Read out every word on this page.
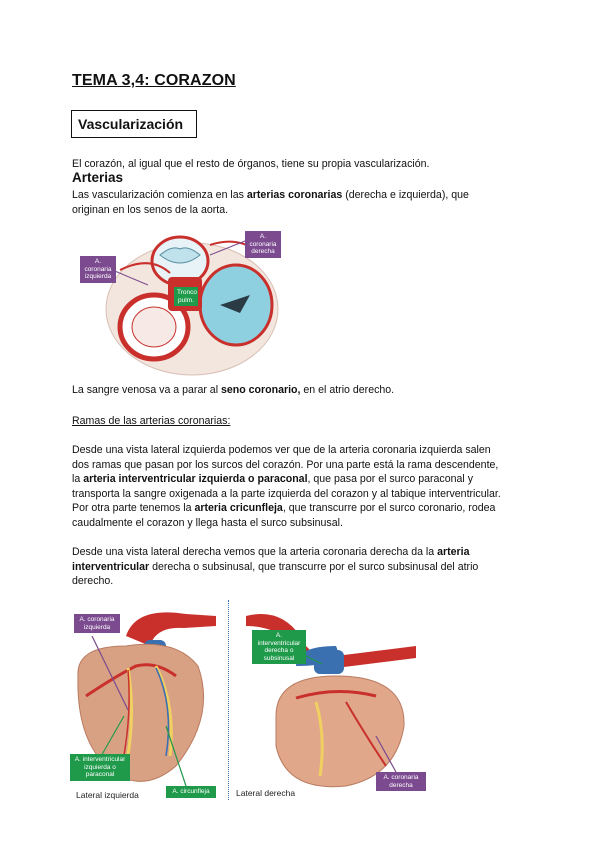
TEMA 3,4: CORAZON
Vascularización
El corazón, al igual que el resto de órganos, tiene su propia vascularización.
Arterias
Las vascularización comienza en las arterias coronarias (derecha e izquierda), que
originan en los senos de la aorta.
A. coronaria izquierda
A. coronaria derecha
Tronco pulm.
La sangre venosa va a parar al seno coronario, en el atrio derecho.
Ramas de las arterias coronarias:
Desde una vista lateral izquierda podemos ver que de la arteria coronaria izquierda salen
dos ramas que pasan por los surcos del corazón. Por una parte está la rama descendente,
la arteria interventricular izquierda o paraconal, que pasa por el surco paraconal y
transporta la sangre oxigenada a la parte izquierda del corazon y al tabique interventricular.
Por otra parte tenemos la arteria cricunfleja, que transcurre por el surco coronario, rodea
caudalmente el corazon y llega hasta el surco subsinusal.
Desde una vista lateral derecha vemos que la arteria coronaria derecha da la arteria
interventricular derecha o subsinusal, que transcurre por el surco subsinusal del atrio
derecho.
A. coronaria izquierda
A. interventricular izquierda o paraconal
A. circunfleja
Lateral izquierda
A. interventricular derecha o subsinusal
A. coronaria derecha
Lateral derecha
